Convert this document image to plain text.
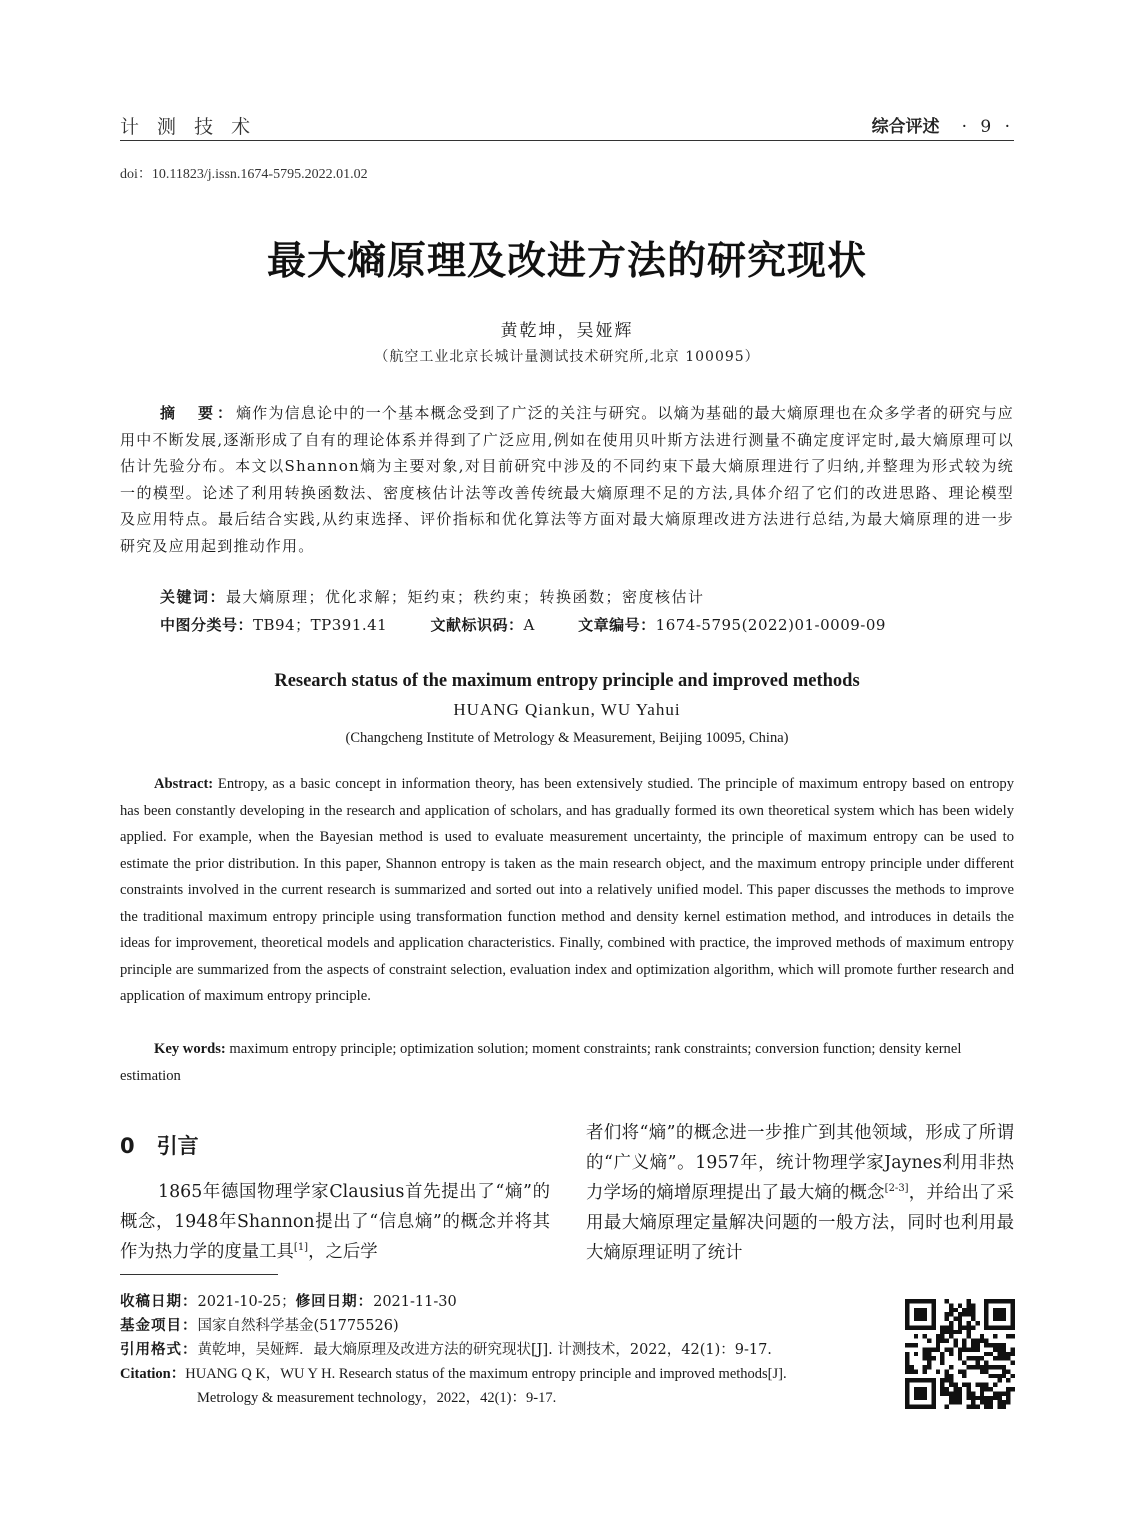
计 测 技 术	综合评述 · 9 ·
doi：10.11823/j.issn.1674-5795.2022.01.02
最大熵原理及改进方法的研究现状
黄乾坤，吴娅辉
（航空工业北京长城计量测试技术研究所,北京 100095）
摘　要：熵作为信息论中的一个基本概念受到了广泛的关注与研究。以熵为基础的最大熵原理也在众多学者的研究与应用中不断发展,逐渐形成了自有的理论体系并得到了广泛应用,例如在使用贝叶斯方法进行测量不确定度评定时,最大熵原理可以估计先验分布。本文以Shannon熵为主要对象,对目前研究中涉及的不同约束下最大熵原理进行了归纳,并整理为形式较为统一的模型。论述了利用转换函数法、密度核估计法等改善传统最大熵原理不足的方法,具体介绍了它们的改进思路、理论模型及应用特点。最后结合实践,从约束选择、评价指标和优化算法等方面对最大熵原理改进方法进行总结,为最大熵原理的进一步研究及应用起到推动作用。
关键词：最大熵原理；优化求解；矩约束；秩约束；转换函数；密度核估计
中图分类号：TB94；TP391.41	文献标识码：A	文章编号：1674-5795(2022)01-0009-09
Research status of the maximum entropy principle and improved methods
HUANG Qiankun, WU Yahui
(Changcheng Institute of Metrology & Measurement, Beijing 10095, China)
Abstract: Entropy, as a basic concept in information theory, has been extensively studied. The principle of maximum entropy based on entropy has been constantly developing in the research and application of scholars, and has gradually formed its own theoretical system which has been widely applied. For example, when the Bayesian method is used to evaluate measurement uncertainty, the principle of maximum entropy can be used to estimate the prior distribution. In this paper, Shannon entropy is taken as the main research object, and the maximum entropy principle under different constraints involved in the current research is summarized and sorted out into a relatively unified model. This paper discusses the methods to improve the traditional maximum entropy principle using transformation function method and density kernel estimation method, and introduces in details the ideas for improvement, theoretical models and application characteristics. Finally, combined with practice, the improved methods of maximum entropy principle are summarized from the aspects of constraint selection, evaluation index and optimization algorithm, which will promote further research and application of maximum entropy principle.
Key words: maximum entropy principle; optimization solution; moment constraints; rank constraints; conversion function; density kernel estimation
0 引言
1865年德国物理学家Clausius首先提出了“熵”的概念，1948年Shannon提出了“信息熵”的概念并将其作为热力学的度量工具[1]，之后学
者们将“熵”的概念进一步推广到其他领域，形成了所谓的“广义熵”。1957年，统计物理学家Jaynes利用非热力学场的熵增原理提出了最大熵的概念[2-3]，并给出了采用最大熵原理定量解决问题的一般方法，同时也利用最大熵原理证明了统计
收稿日期：2021-10-25；修回日期：2021-11-30
基金项目：国家自然科学基金(51775526)
引用格式：黄乾坤，吴娅辉．最大熵原理及改进方法的研究现状[J]. 计测技术，2022，42(1)：9-17.
Citation：HUANG Q K，WU Y H. Research status of the maximum entropy principle and improved methods[J].
Metrology & measurement technology，2022，42(1)：9-17.
